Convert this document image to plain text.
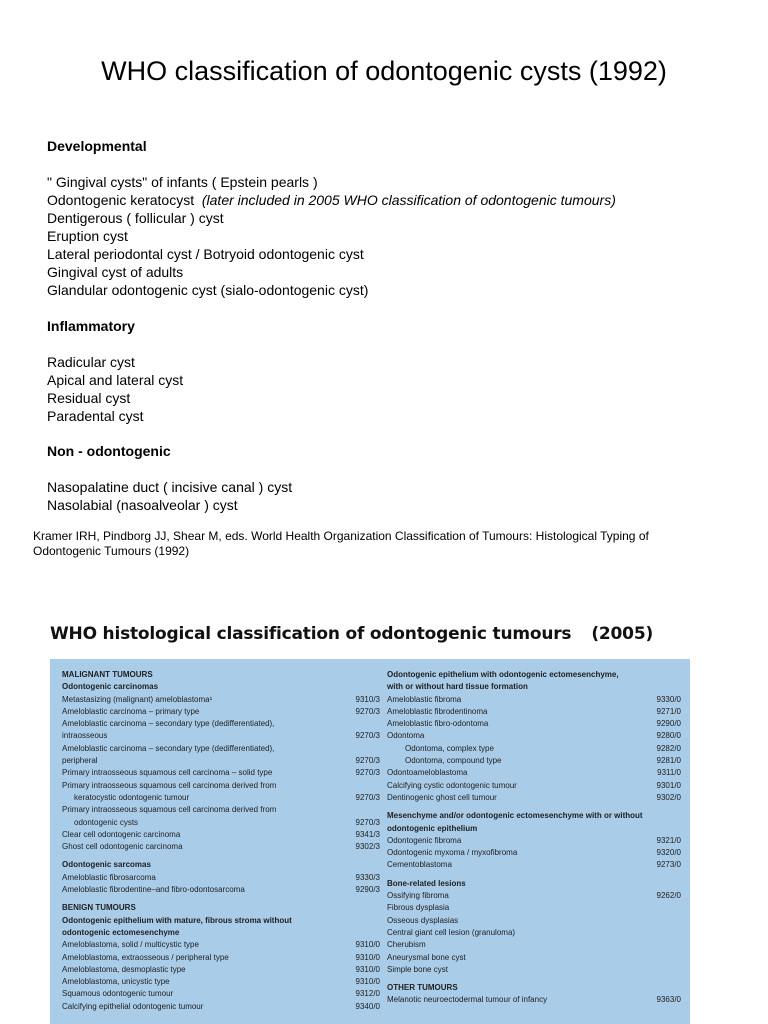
WHO classification of odontogenic cysts (1992)
Developmental
" Gingival cysts" of infants ( Epstein pearls )
Odontogenic keratocyst (later included in 2005 WHO classification of odontogenic tumours)
Dentigerous ( follicular ) cyst
Eruption cyst
Lateral periodontal cyst / Botryoid odontogenic cyst
Gingival cyst of adults
Glandular odontogenic cyst (sialo-odontogenic cyst)
Inflammatory
Radicular cyst
Apical and lateral cyst
Residual cyst
Paradental cyst
Non - odontogenic
Nasopalatine duct ( incisive canal ) cyst
Nasolabial (nasoalveolar ) cyst
Kramer IRH, Pindborg JJ, Shear M, eds. World Health Organization Classification of Tumours: Histological Typing of Odontogenic Tumours (1992)
WHO histological classification of odontogenic tumours (2005)
MALIGNANT TUMOURS
Odontogenic carcinomas
Metastasizing (malignant) ameloblastoma¹	9310/3
Ameloblastic carcinoma – primary type	9270/3
Ameloblastic carcinoma – secondary type (dedifferentiated),
intraosseous	9270/3
Ameloblastic carcinoma – secondary type (dedifferentiated),
peripheral	9270/3
Primary intraosseous squamous cell carcinoma – solid type	9270/3
Primary intraosseous squamous cell carcinoma derived from
keratocystic odontogenic tumour	9270/3
Primary intraosseous squamous cell carcinoma derived from
odontogenic cysts	9270/3
Clear cell odontogenic carcinoma	9341/3
Ghost cell odontogenic carcinoma	9302/3
Odontogenic sarcomas
Ameloblastic fibrosarcoma	9330/3
Ameloblastic fibrodentine–and fibro-odontosarcoma	9290/3
BENIGN TUMOURS
Odontogenic epithelium with mature, fibrous stroma without
odontogenic ectomesenchyme
Ameloblastoma, solid / multicystic type	9310/0
Ameloblastoma, extraosseous / peripheral type	9310/0
Ameloblastoma, desmoplastic type	9310/0
Ameloblastoma, unicystic type	9310/0
Squamous odontogenic tumour	9312/0
Calcifying epithelial odontogenic tumour	9340/0
Odontogenic epithelium with odontogenic ectomesenchyme,
with or without hard tissue formation
Ameloblastic fibroma	9330/0
Ameloblastic fibrodentinoma	9271/0
Ameloblastic fibro-odontoma	9290/0
Odontoma	9280/0
Odontoma, complex type	9282/0
Odontoma, compound type	9281/0
Odontoameloblastoma	9311/0
Calcifying cystic odontogenic tumour	9301/0
Dentinogenic ghost cell tumour	9302/0
Mesenchyme and/or odontogenic ectomesenchyme with or without
odontogenic epithelium
Odontogenic fibroma	9321/0
Odontogenic myxoma / myxofibroma	9320/0
Cementoblastoma	9273/0
Bone-related lesions
Ossifying fibroma	9262/0
Fibrous dysplasia
Osseous dysplasias
Central giant cell lesion (granuloma)
Cherubism
Aneurysmal bone cyst
Simple bone cyst
OTHER TUMOURS
Melanotic neuroectodermal tumour of infancy	9363/0
